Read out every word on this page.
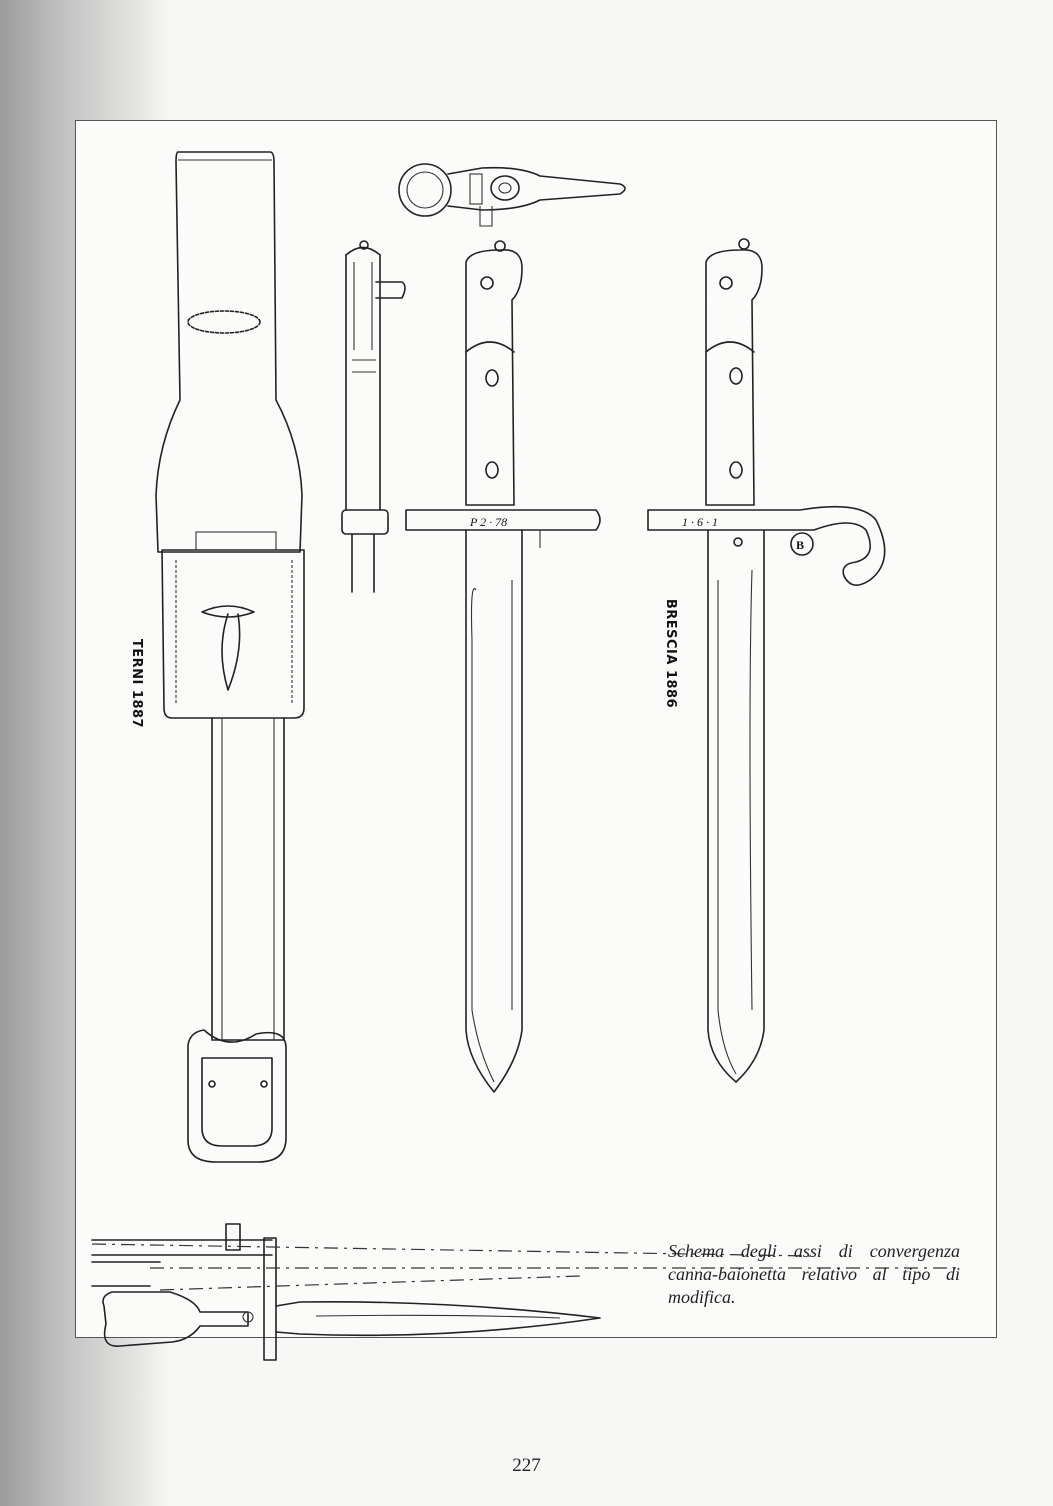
P 2 · 78	1 · 6 · 1
B
TERNI 1887	BRESCIA 1886
Schema degli assi di convergenza canna-baionetta relativo al tipo di modifica.
227
